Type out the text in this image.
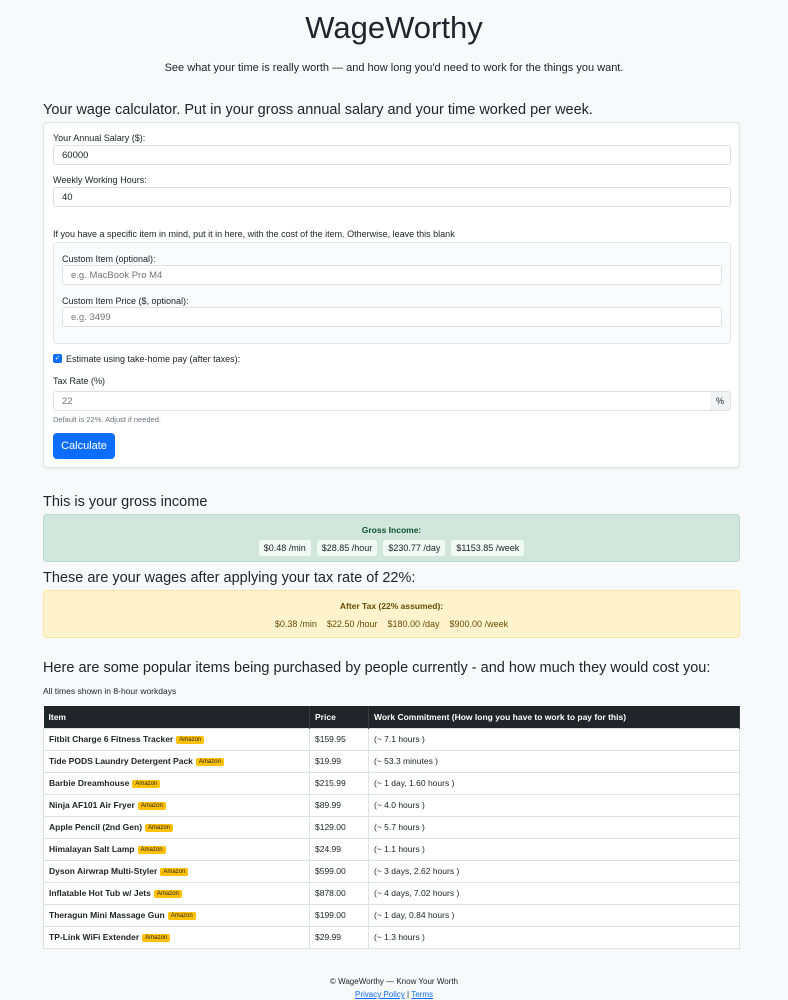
WageWorthy

See what your time is really worth — and how long you'd need to work for the things you want.

Your wage calculator. Put in your gross annual salary and your time worked per week.
Your Annual Salary ($):
60000
Weekly Working Hours:
40

If you have a specific item in mind, put it in here, with the cost of the item. Otherwise, leave this blank

Custom Item (optional):
e.g. MacBook Pro M4
Custom Item Price ($, optional):
e.g. 3499
✓ Estimate using take-home pay (after taxes):
Tax Rate (%)
22
%

Default is 22%. Adjust if needed.

Calculate
This is your gross income
Gross Income:
$0.48 /min $28.85 /hour $230.77 /day $1153.85 /week
These are your wages after applying your tax rate of 22%:
After Tax (22% assumed):
$0.38 /min $22.50 /hour $180.00 /day $900.00 /week
Here are some popular items being purchased by people currently - and how much they would cost you:

All times shown in 8-hour workdays

Item	Price	Work Commitment (How long you have to work to pay for this)
Fitbit Charge 6 Fitness Tracker Amazon	$159.95	(~ 7.1 hours )
Tide PODS Laundry Detergent Pack Amazon	$19.99	(~ 53.3 minutes )
Barbie Dreamhouse Amazon	$215.99	(~ 1 day, 1.60 hours )
Ninja AF101 Air Fryer Amazon	$89.99	(~ 4.0 hours )
Apple Pencil (2nd Gen) Amazon	$129.00	(~ 5.7 hours )
Himalayan Salt Lamp Amazon	$24.99	(~ 1.1 hours )
Dyson Airwrap Multi-Styler Amazon	$599.00	(~ 3 days, 2.62 hours )
Inflatable Hot Tub w/ Jets Amazon	$878.00	(~ 4 days, 7.02 hours )
Theragun Mini Massage Gun Amazon	$199.00	(~ 1 day, 0.84 hours )
TP-Link WiFi Extender Amazon	$29.99	(~ 1.3 hours )
© WageWorthy — Know Your Worth
Privacy Policy | Terms
